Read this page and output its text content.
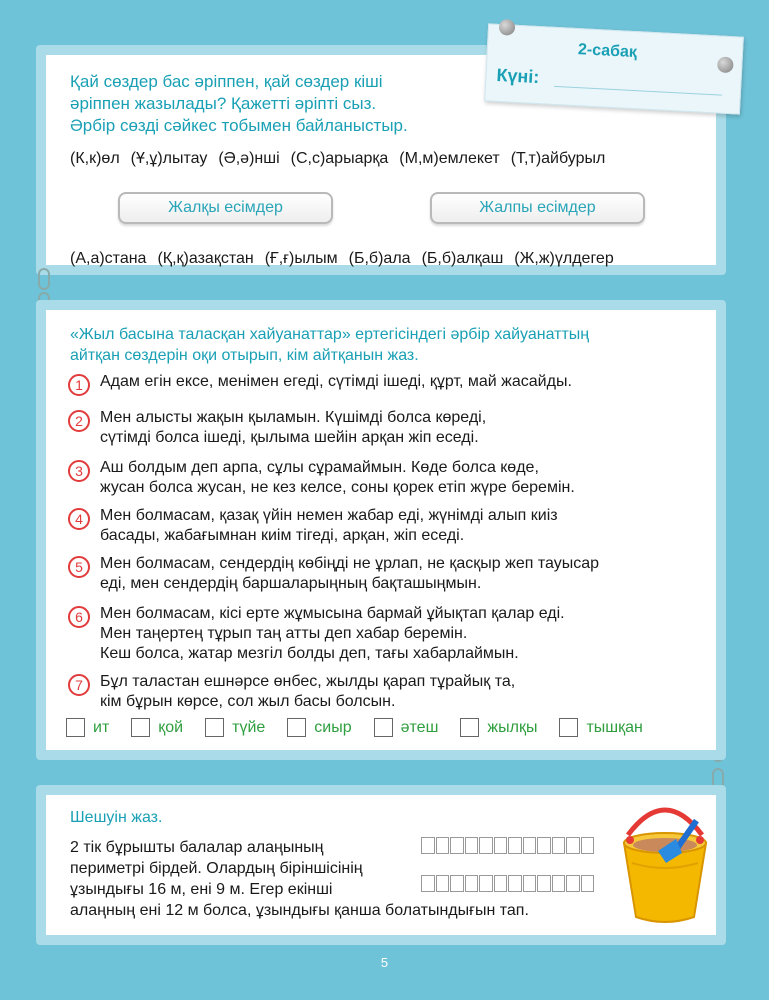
Қай сөздер бас әріппен, қай сөздер кіші
әріппен жазылады? Қажетті әріпті сыз.
Әрбір сөзді сәйкес тобымен байланыстыр.
(К,к)өл (Ұ,ұ)лытау (Ә,ә)нші (С,с)арыарқа (М,м)емлекет (Т,т)айбурыл
Жалқы есімдер	Жалпы есімдер
(А,а)стана (Қ,қ)азақстан (Ғ,ғ)ылым (Б,б)ала (Б,б)алқаш (Ж,ж)үлдегер
2-сабақ
Күні:
«Жыл басына таласқан хайуанаттар» ертегісіндегі әрбір хайуанаттың
айтқан сөздерін оқи отырып, кім айтқанын жаз.
1	Адам егін ексе, менімен егеді, сүтімді ішеді, құрт, май жасайды.
2	Мен алысты жақын қыламын. Күшімді болса көреді,
сүтімді болса ішеді, қылыма шейін арқан жіп еседі.
3	Аш болдым деп арпа, сұлы сұрамаймын. Көде болса көде,
жусан болса жусан, не кез келсе, соны қорек етіп жүре беремін.
4	Мен болмасам, қазақ үйін немен жабар еді, жүнімді алып киіз
басады, жабағымнан киім тігеді, арқан, жіп еседі.
5	Мен болмасам, сендердің көбіңді не ұрлап, не қасқыр жеп тауысар
еді, мен сендердің баршаларыңның бақташыңмын.
6	Мен болмасам, кісі ерте жұмысына бармай ұйықтап қалар еді.
Мен таңертең тұрып таң атты деп хабар беремін.
Кеш болса, жатар мезгіл болды деп, тағы хабарлаймын.
7	Бұл таластан ешнәрсе өнбес, жылды қарап тұрайық та,
кім бұрын көрсе, сол жыл басы болсын.
ит	қой	түйе	сиыр	әтеш	жылқы	тышқан
Шешуін жаз.
2 тік бұрышты балалар алаңының
периметрі бірдей. Олардың біріншісінің
ұзындығы 16 м, ені 9 м. Егер екінші
алаңның ені 12 м болса, ұзындығы қанша болатындығын тап.
5
